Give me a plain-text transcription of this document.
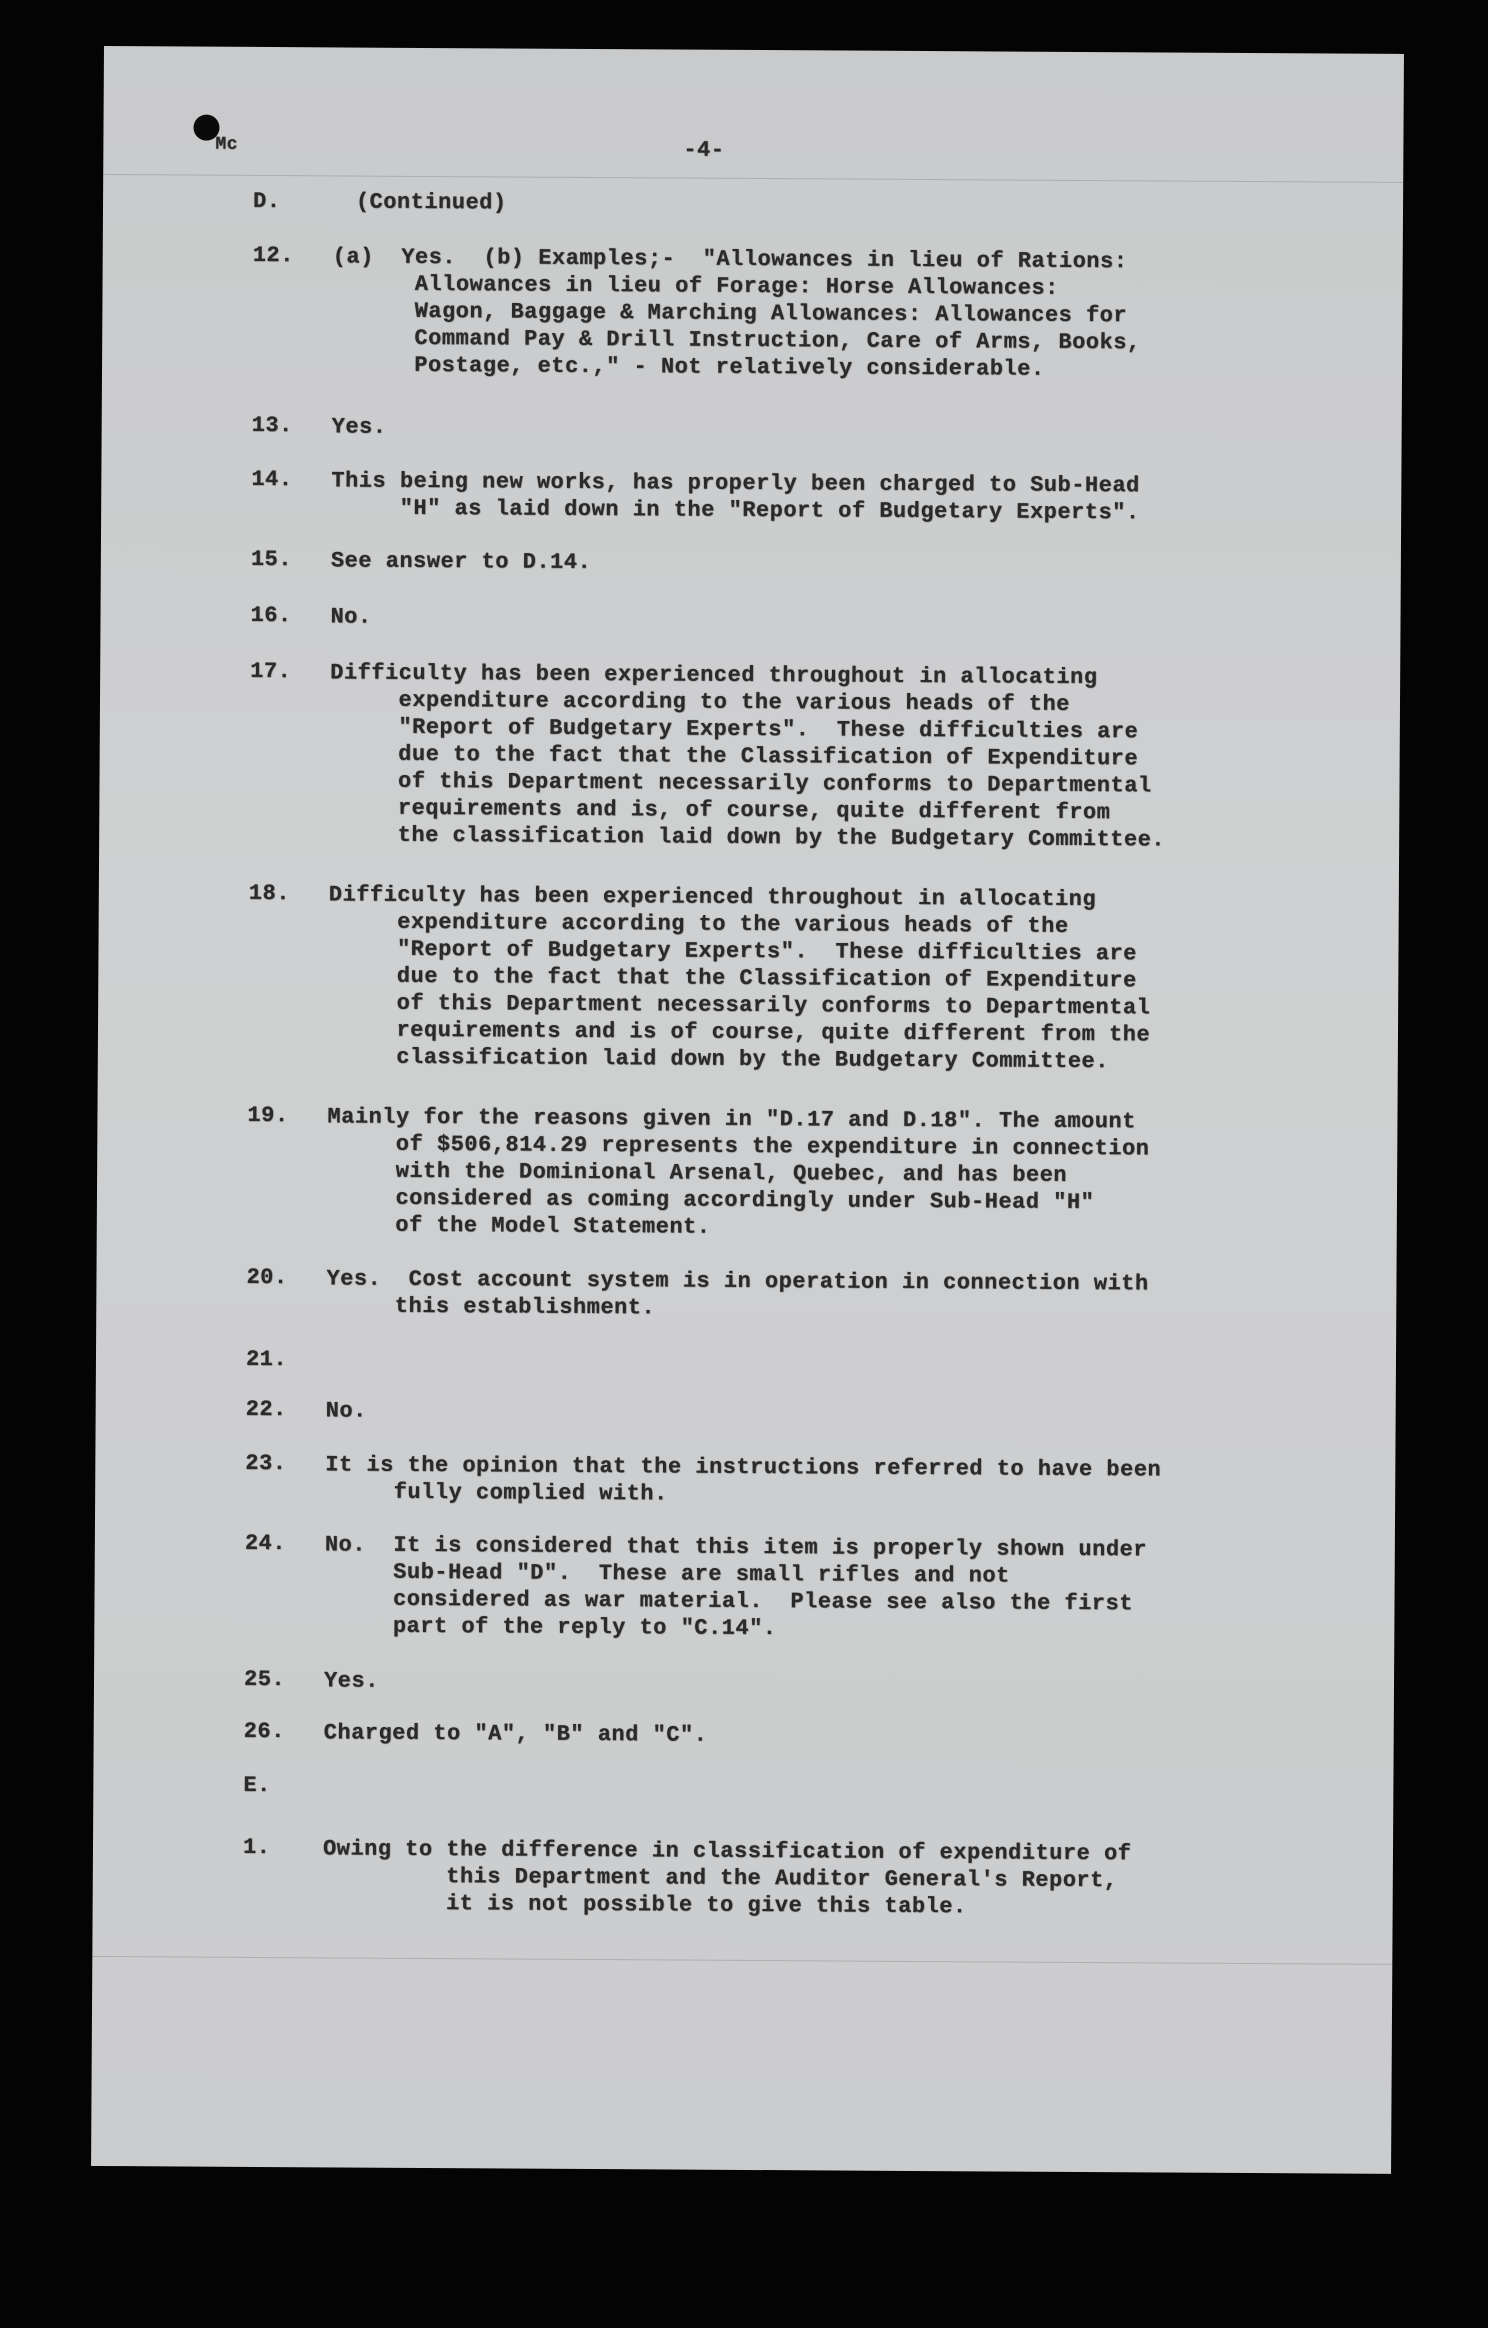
Mc	-4-
D.	(Continued)
12.	(a)  Yes.  (b) Examples;-  "Allowances in lieu of Rations:
Allowances in lieu of Forage: Horse Allowances:
Wagon, Baggage & Marching Allowances: Allowances for
Command Pay & Drill Instruction, Care of Arms, Books,
Postage, etc.," - Not relatively considerable.
13.	Yes.
14.	This being new works, has properly been charged to Sub-Head
"H" as laid down in the "Report of Budgetary Experts".
15.	See answer to D.14.
16.	No.
17.	Difficulty has been experienced throughout in allocating
expenditure according to the various heads of the
"Report of Budgetary Experts".  These difficulties are
due to the fact that the Classification of Expenditure
of this Department necessarily conforms to Departmental
requirements and is, of course, quite different from
the classification laid down by the Budgetary Committee.
18.	Difficulty has been experienced throughout in allocating
expenditure according to the various heads of the
"Report of Budgetary Experts".  These difficulties are
due to the fact that the Classification of Expenditure
of this Department necessarily conforms to Departmental
requirements and is of course, quite different from the
classification laid down by the Budgetary Committee.
19.	Mainly for the reasons given in "D.17 and D.18". The amount
of $506,814.29 represents the expenditure in connection
with the Dominional Arsenal, Quebec, and has been
considered as coming accordingly under Sub-Head "H"
of the Model Statement.
20.	Yes.  Cost account system is in operation in connection with
this establishment.
21.
22.	No.
23.	It is the opinion that the instructions referred to have been
fully complied with.
24.	No.  It is considered that this item is properly shown under
Sub-Head "D".  These are small rifles and not
considered as war material.  Please see also the first
part of the reply to "C.14".
25.	Yes.
26.	Charged to "A", "B" and "C".
E.
1.	Owing to the difference in classification of expenditure of
this Department and the Auditor General's Report,
it is not possible to give this table.
